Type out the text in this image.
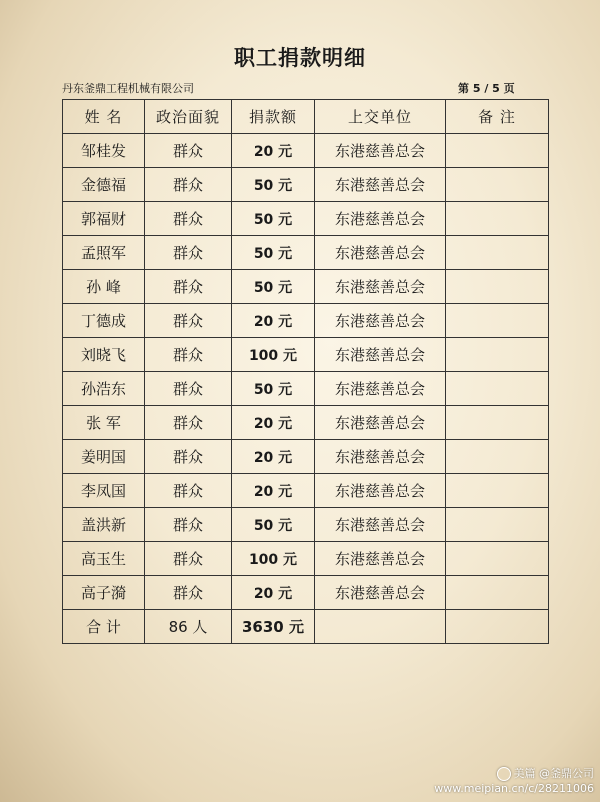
职工捐款明细
丹东釜鼎工程机械有限公司	第 5 / 5 页
姓 名	政治面貌	捐款额	上交单位	备 注
邹桂发	群众	20 元	东港慈善总会	
金德福	群众	50 元	东港慈善总会	
郭福财	群众	50 元	东港慈善总会	
孟照军	群众	50 元	东港慈善总会	
孙 峰	群众	50 元	东港慈善总会	
丁德成	群众	20 元	东港慈善总会	
刘晓飞	群众	100 元	东港慈善总会	
孙浩东	群众	50 元	东港慈善总会	
张 军	群众	20 元	东港慈善总会	
姜明国	群众	20 元	东港慈善总会	
李凤国	群众	20 元	东港慈善总会	
盖洪新	群众	50 元	东港慈善总会	
高玉生	群众	100 元	东港慈善总会	
高子漪	群众	20 元	东港慈善总会	
合 计	86 人	3630 元		
美篇 @釜鼎公司
www.meipian.cn/c/28211006
